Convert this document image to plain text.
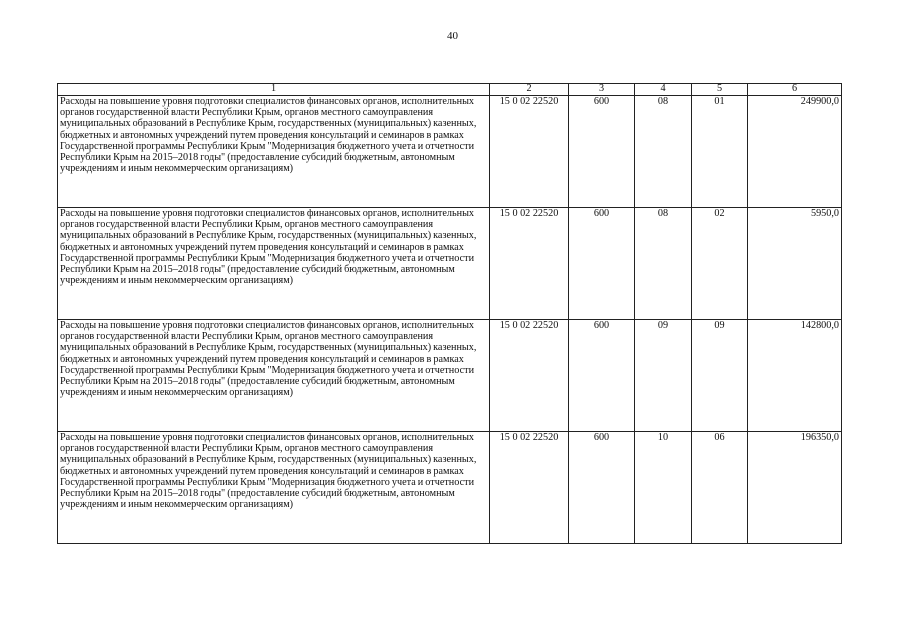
40
1	2	3	4	5	6
Расходы на повышение уровня подготовки специалистов финансовых органов, исполнительных органов государственной власти Республики Крым, органов местного самоуправления муниципальных образований в Республике Крым, государственных (муниципальных) казенных, бюджетных и автономных учреждений путем проведения консультаций и семинаров в рамках Государственной программы Республики Крым "Модернизация бюджетного учета и отчетности Республики Крым на 2015–2018 годы" (предоставление субсидий бюджетным, автономным учреждениям и иным некоммерческим организациям)	15 0 02 22520	600	08	01	249900,0
Расходы на повышение уровня подготовки специалистов финансовых органов, исполнительных органов государственной власти Республики Крым, органов местного самоуправления муниципальных образований в Республике Крым, государственных (муниципальных) казенных, бюджетных и автономных учреждений путем проведения консультаций и семинаров в рамках Государственной программы Республики Крым "Модернизация бюджетного учета и отчетности Республики Крым на 2015–2018 годы" (предоставление субсидий бюджетным, автономным учреждениям и иным некоммерческим организациям)	15 0 02 22520	600	08	02	5950,0
Расходы на повышение уровня подготовки специалистов финансовых органов, исполнительных органов государственной власти Республики Крым, органов местного самоуправления муниципальных образований в Республике Крым, государственных (муниципальных) казенных, бюджетных и автономных учреждений путем проведения консультаций и семинаров в рамках Государственной программы Республики Крым "Модернизация бюджетного учета и отчетности Республики Крым на 2015–2018 годы" (предоставление субсидий бюджетным, автономным учреждениям и иным некоммерческим организациям)	15 0 02 22520	600	09	09	142800,0
Расходы на повышение уровня подготовки специалистов финансовых органов, исполнительных органов государственной власти Республики Крым, органов местного самоуправления муниципальных образований в Республике Крым, государственных (муниципальных) казенных, бюджетных и автономных учреждений путем проведения консультаций и семинаров в рамках Государственной программы Республики Крым "Модернизация бюджетного учета и отчетности Республики Крым на 2015–2018 годы" (предоставление субсидий бюджетным, автономным учреждениям и иным некоммерческим организациям)	15 0 02 22520	600	10	06	196350,0
